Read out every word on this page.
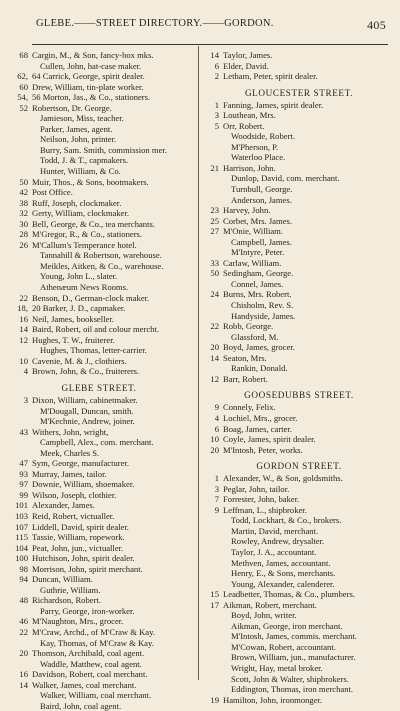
GLEBE.——STREET DIRECTORY.——GORDON.	405
68 Cargin, M., & Son, fancy-box mks.
Cullen, John, hat-case maker.
62, 64 Carrick, George, spirit dealer.
60 Drew, William, tin-plate worker.
54, 56 Morton, Jas., & Co., stationers.
52 Robertson, Dr. George.
Jamieson, Miss, teacher.
Parker, James, agent.
Neilson, John, printer.
Burry, Sam. Smith, commission mer.
Todd, J. & T., capmakers.
Hunter, William, & Co.
50 Muir, Thos., & Sons, bootmakers.
42 Post Office.
38 Ruff, Joseph, clockmaker.
32 Gerty, William, clockmaker.
30 Bell, George, & Co., tea merchants.
28 M'Gregor, R., & Co., stationers.
26 M'Callum's Temperance hotel.
Tannahill & Robertson, warehouse.
Meikles, Aitken, & Co., warehouse.
Young, John L., slater.
Athenæum News Rooms.
22 Benson, D., German-clock maker.
18, 20 Barker, J. D., capmaker.
16 Neil, James, bookseller.
14 Baird, Robert, oil and colour mercht.
12 Hughes, T. W., fruiterer.
Hughes, Thomas, letter-carrier.
10 Cavenie, M. & J., clothiers.
4 Brown, John, & Co., fruiterers.
GLEBE STREET.
3 Dixon, William, cabinetmaker.
M'Dougall, Duncan, smith.
M'Kechnie, Andrew, joiner.
43 Withers, John, wright,
Campbell, Alex., com. merchant.
Meek, Charles S.
47 Sym, George, manufacturer.
93 Murray, James, tailor.
97 Downie, William, shoemaker.
99 Wilson, Joseph, clothier.
101 Alexander, James.
103 Reid, Robert, victualler.
107 Liddell, David, spirit dealer.
115 Tassie, William, ropework.
104 Peat, John, jun., victualler.
100 Hutchison, John, spirit dealer.
98 Morrison, John, spirit merchant.
94 Duncan, William.
Guthrie, William.
48 Richardson, Robert.
Parry, George, iron-worker.
46 M'Naughton, Mrs., grocer.
22 M'Craw, Archd., of M'Craw & Kay.
Kay, Thomas, of M'Craw & Kay.
20 Thomson, Archibald, coal agent.
Waddle, Matthew, coal agent.
16 Davidson, Robert, coal merchant.
14 Walker, James, coal merchant.
Walker, William, coal merchant.
Baird, John, coal agent.
14 Taylor, James.
6 Elder, David.
2 Letham, Peter, spirit dealer.
GLOUCESTER STREET.
1 Fanning, James, spirit dealer.
3 Louthean, Mrs.
5 Orr, Robert.
Woodside, Robert.
M'Pherson, P.
Waterloo Place.
21 Harrison, John.
Dunlop, David, com. merchant.
Turnbull, George.
Anderson, James.
23 Harvey, John.
25 Corbet, Mrs. James.
27 M'Onie, William.
Campbell, James.
M'Intyre, Peter.
33 Carlaw, William.
50 Sedingham, George.
Connel, James.
24 Burns, Mrs. Robert.
Chisholm, Rev. S.
Handyside, James.
22 Robb, George.
Glassford, M.
20 Boyd, James, grocer.
14 Seaton, Mrs.
Rankin, Donald.
12 Barr, Robert.
GOOSEDUBBS STREET.
9 Connely, Felix.
4 Lochiel, Mrs., grocer.
6 Boag, James, carter.
10 Coyle, James, spirit dealer.
20 M'Intosh, Peter, works.
GORDON STREET.
1 Alexander, W., & Son, goldsmiths.
3 Peglar, John, tailor.
7 Forrester, John, baker.
9 Leffman, L., shipbroker.
Todd, Lockhart, & Co., brokers.
Martin, David, merchant.
Rowley, Andrew, drysalter.
Taylor, J. A., accountant.
Methven, James, accountant.
Henry, E., & Sons, merchants.
Young, Alexander, calenderer.
15 Leadbetter, Thomas, & Co., plumbers.
17 Aikman, Robert, merchant.
Boyd, John, writer.
Aikman, George, iron merchant.
M'Intosh, James, commis. merchant.
M'Cowan, Robert, accountant.
Brown, William, jun., manufacturer.
Wright, Hay, metal broker.
Scott, John & Walter, shipbrokers.
Eddington, Thomas, iron merchant.
19 Hamilton, John, ironmonger.
